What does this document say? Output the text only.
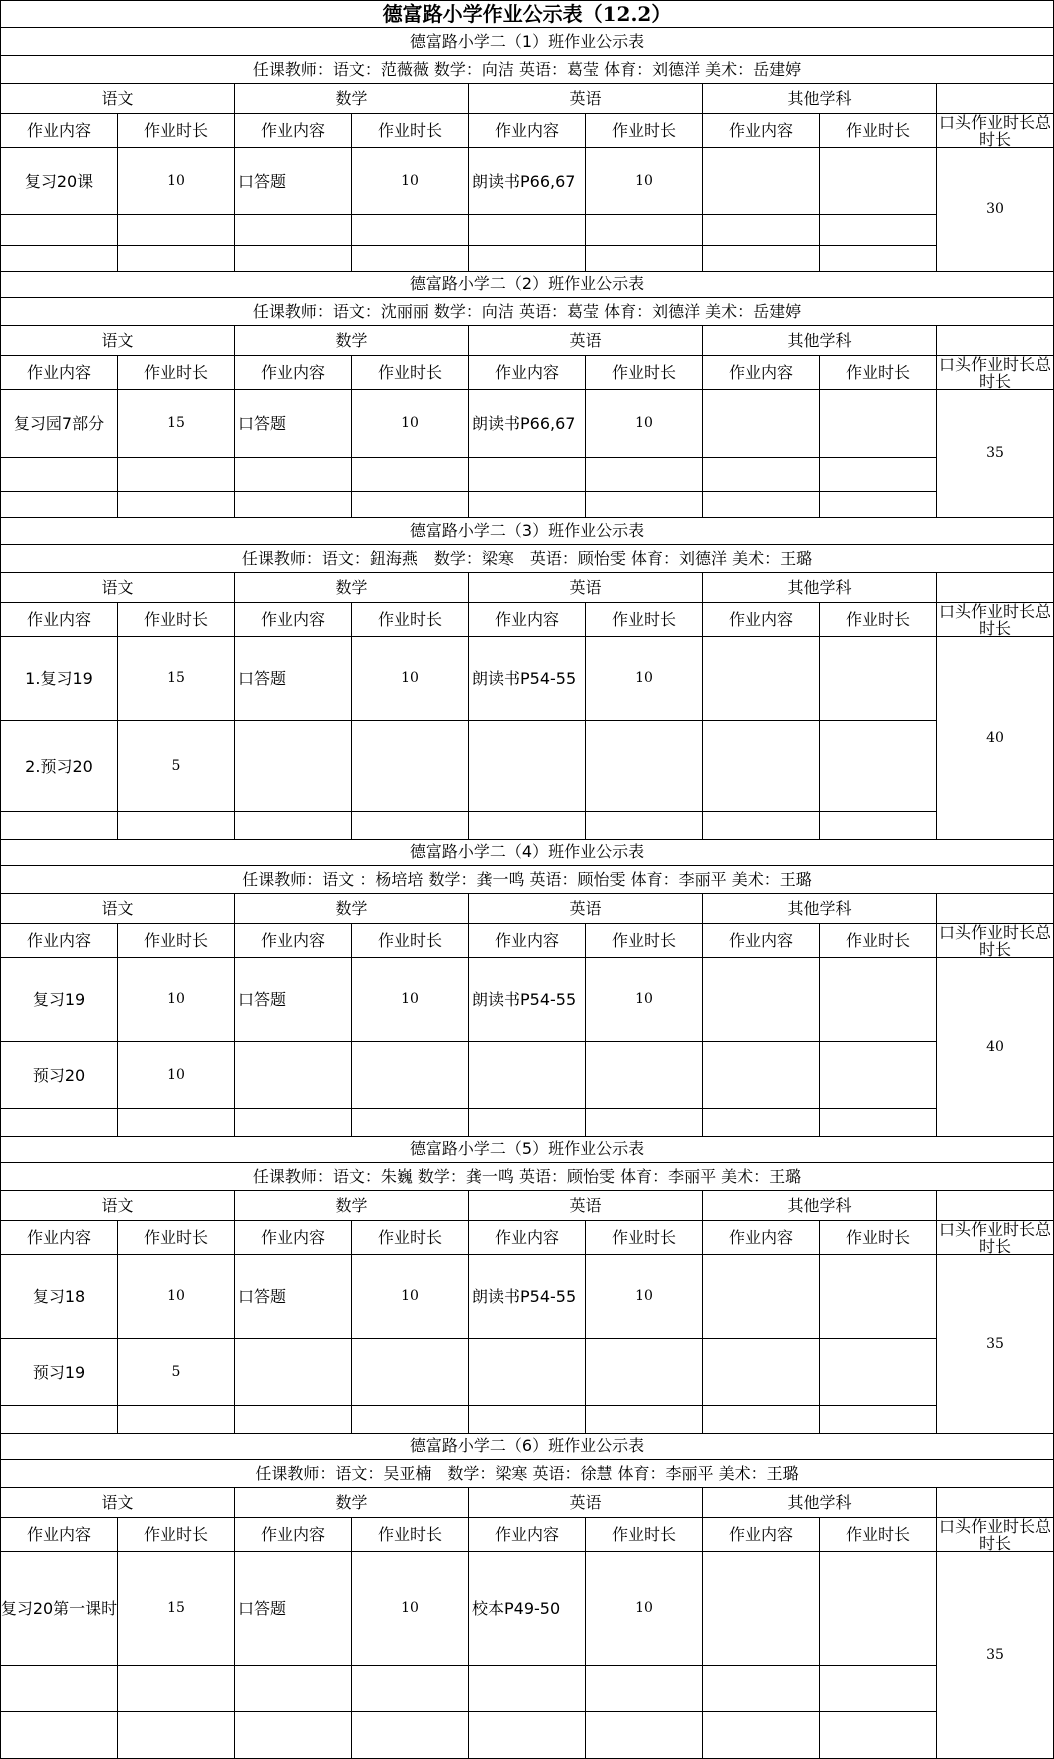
德富路小学作业公示表（12.2）
德富路小学二（1）班作业公示表
任课教师：语文：范薇薇 数学：向洁 英语：葛莹 体育：刘德洋 美术：岳建婷
语文	数学	英语	其他学科
作业内容	作业时长	作业内容	作业时长	作业内容	作业时长	作业内容	作业时长	口头作业时长总时长
复习20课	10	口答题	10	朗读书P66,67	10
30
德富路小学二（2）班作业公示表
任课教师：语文：沈丽丽 数学：向洁 英语：葛莹 体育：刘德洋 美术：岳建婷
语文	数学	英语	其他学科
作业内容	作业时长	作业内容	作业时长	作业内容	作业时长	作业内容	作业时长	口头作业时长总时长
复习园7部分	15	口答题	10	朗读书P66,67	10
35
德富路小学二（3）班作业公示表
任课教师：语文：鈕海燕　数学：梁寒　英语：顾怡雯 体育：刘德洋 美术：王璐
语文	数学	英语	其他学科
作业内容	作业时长	作业内容	作业时长	作业内容	作业时长	作业内容	作业时长	口头作业时长总时长
1.复习19	15	口答题	10	朗读书P54-55	10
2.预习20	5
40
德富路小学二（4）班作业公示表
任课教师：语文 ：杨培培 数学：龚一鸣 英语：顾怡雯 体育：李丽平 美术：王璐
语文	数学	英语	其他学科
作业内容	作业时长	作业内容	作业时长	作业内容	作业时长	作业内容	作业时长	口头作业时长总时长
复习19	10	口答题	10	朗读书P54-55	10
预习20	10
40
德富路小学二（5）班作业公示表
任课教师：语文：朱巍 数学：龚一鸣 英语：顾怡雯 体育：李丽平 美术：王璐
语文	数学	英语	其他学科
作业内容	作业时长	作业内容	作业时长	作业内容	作业时长	作业内容	作业时长	口头作业时长总时长
复习18	10	口答题	10	朗读书P54-55	10
预习19	5
35
德富路小学二（6）班作业公示表
任课教师：语文：吴亚楠　数学：梁寒 英语：徐慧 体育：李丽平 美术：王璐
语文	数学	英语	其他学科
作业内容	作业时长	作业内容	作业时长	作业内容	作业时长	作业内容	作业时长	口头作业时长总时长
复习20第一课时	15	口答题	10	校本P49-50	10
35
